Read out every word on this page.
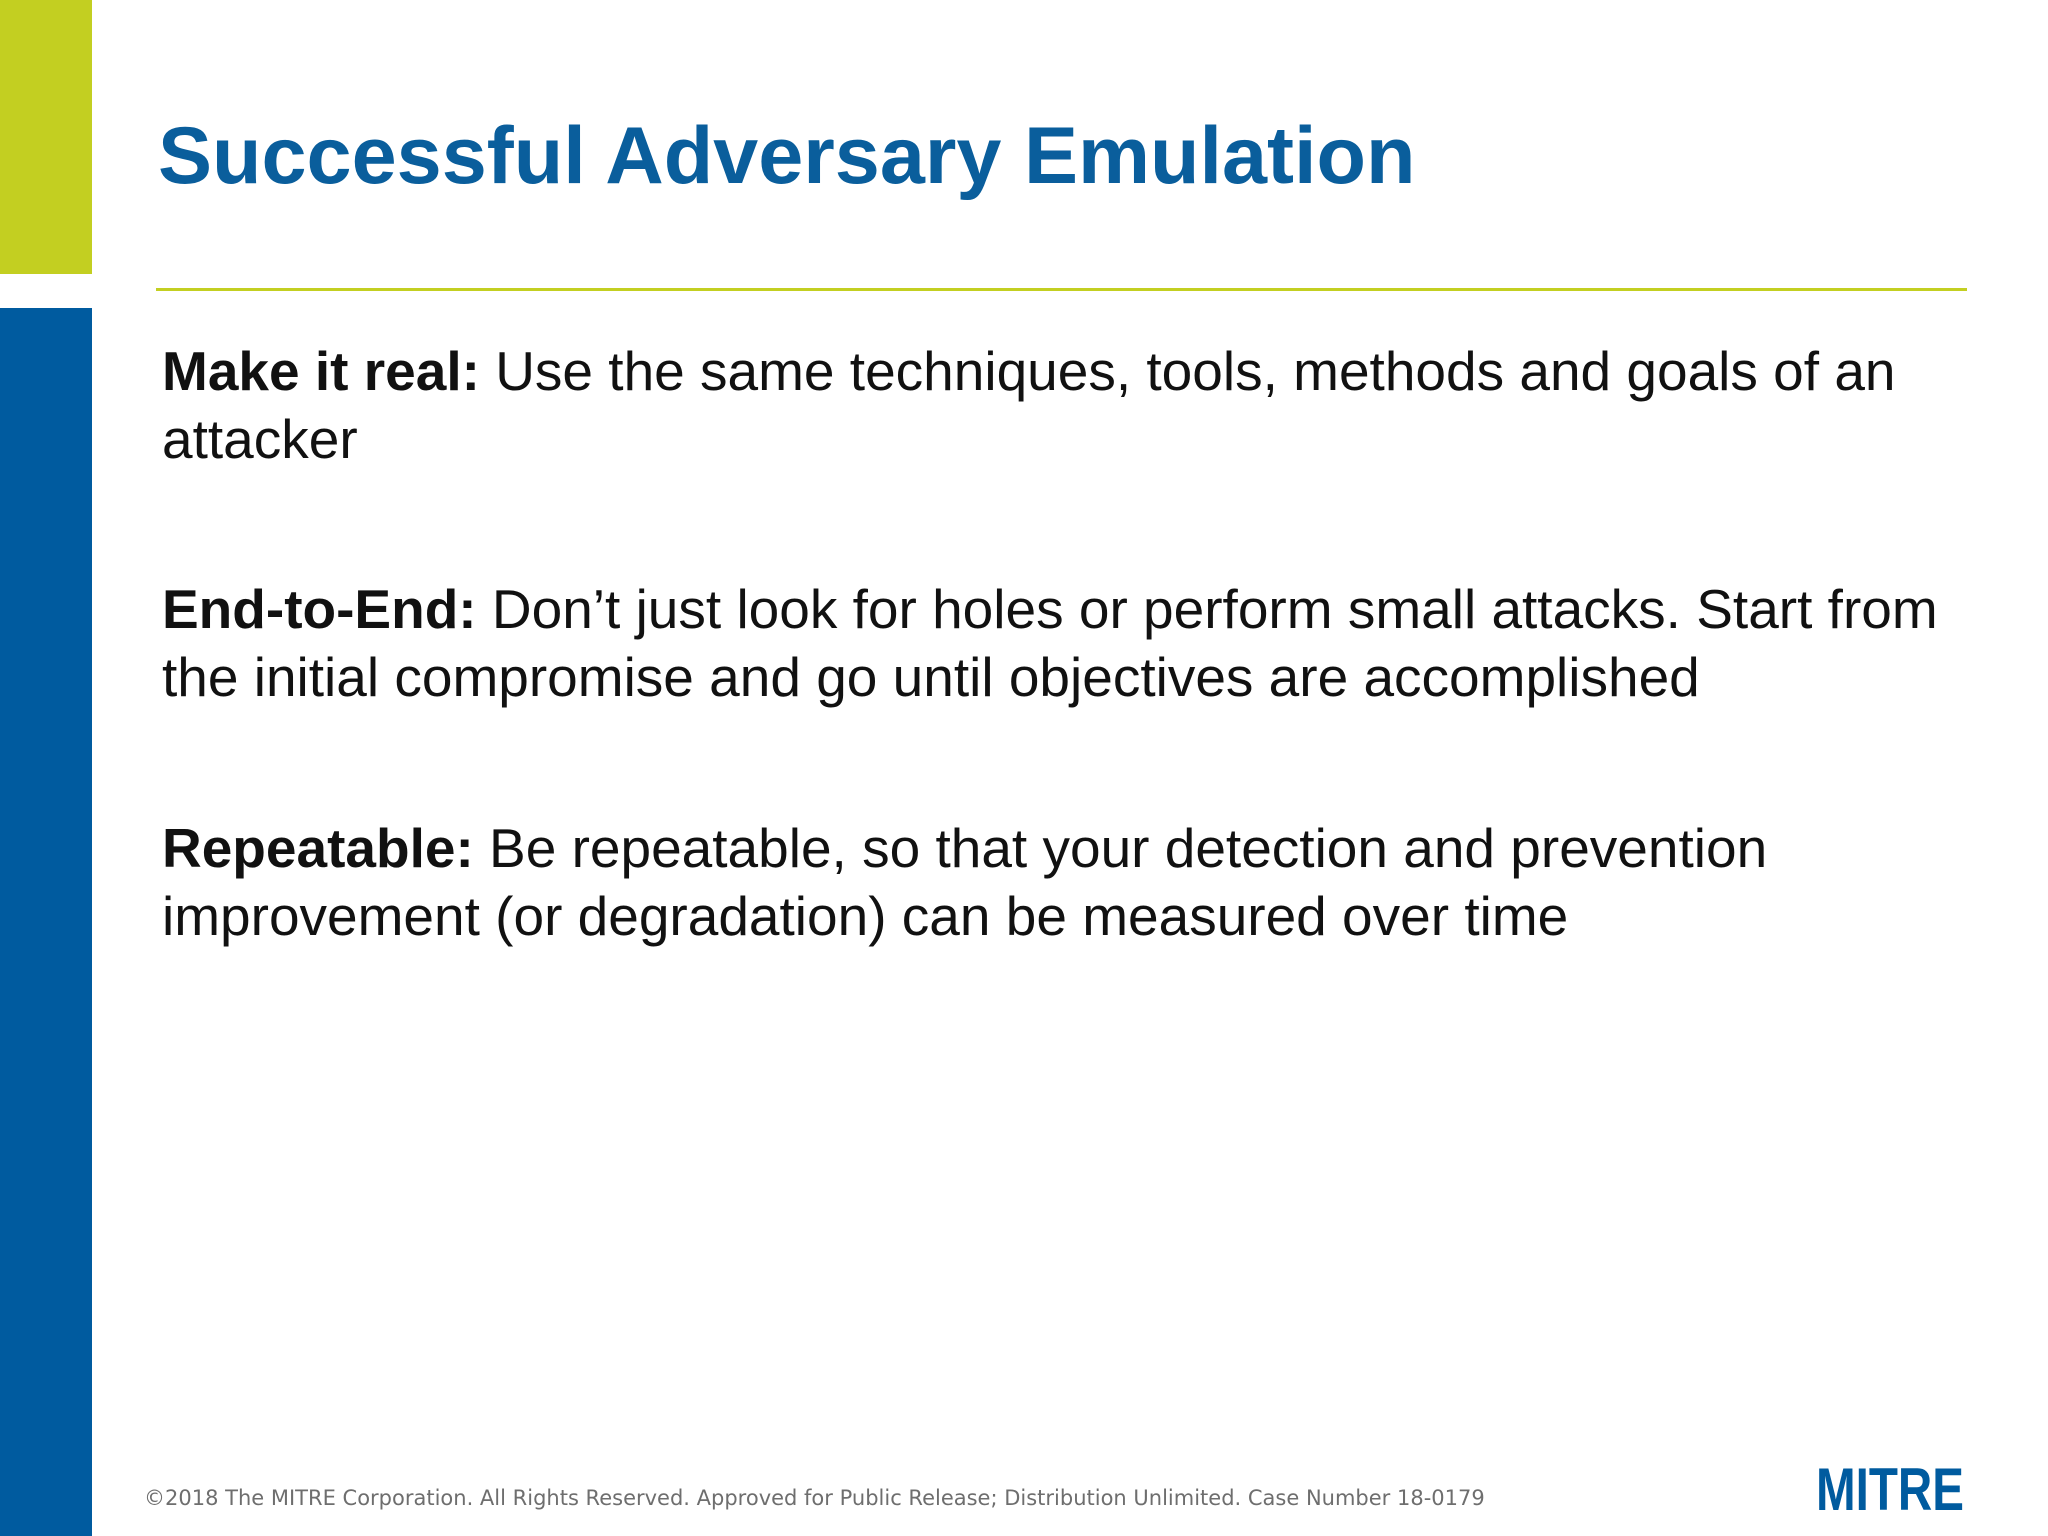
Successful Adversary Emulation

Make it real: Use the same techniques, tools, methods and goals of an attacker

End-to-End: Don’t just look for holes or perform small attacks. Start from the initial compromise and go until objectives are accomplished

Repeatable: Be repeatable, so that your detection and prevention improvement (or degradation) can be measured over time

©2018 The MITRE Corporation. All Rights Reserved. Approved for Public Release; Distribution Unlimited. Case Number 18-0179	MITRE
